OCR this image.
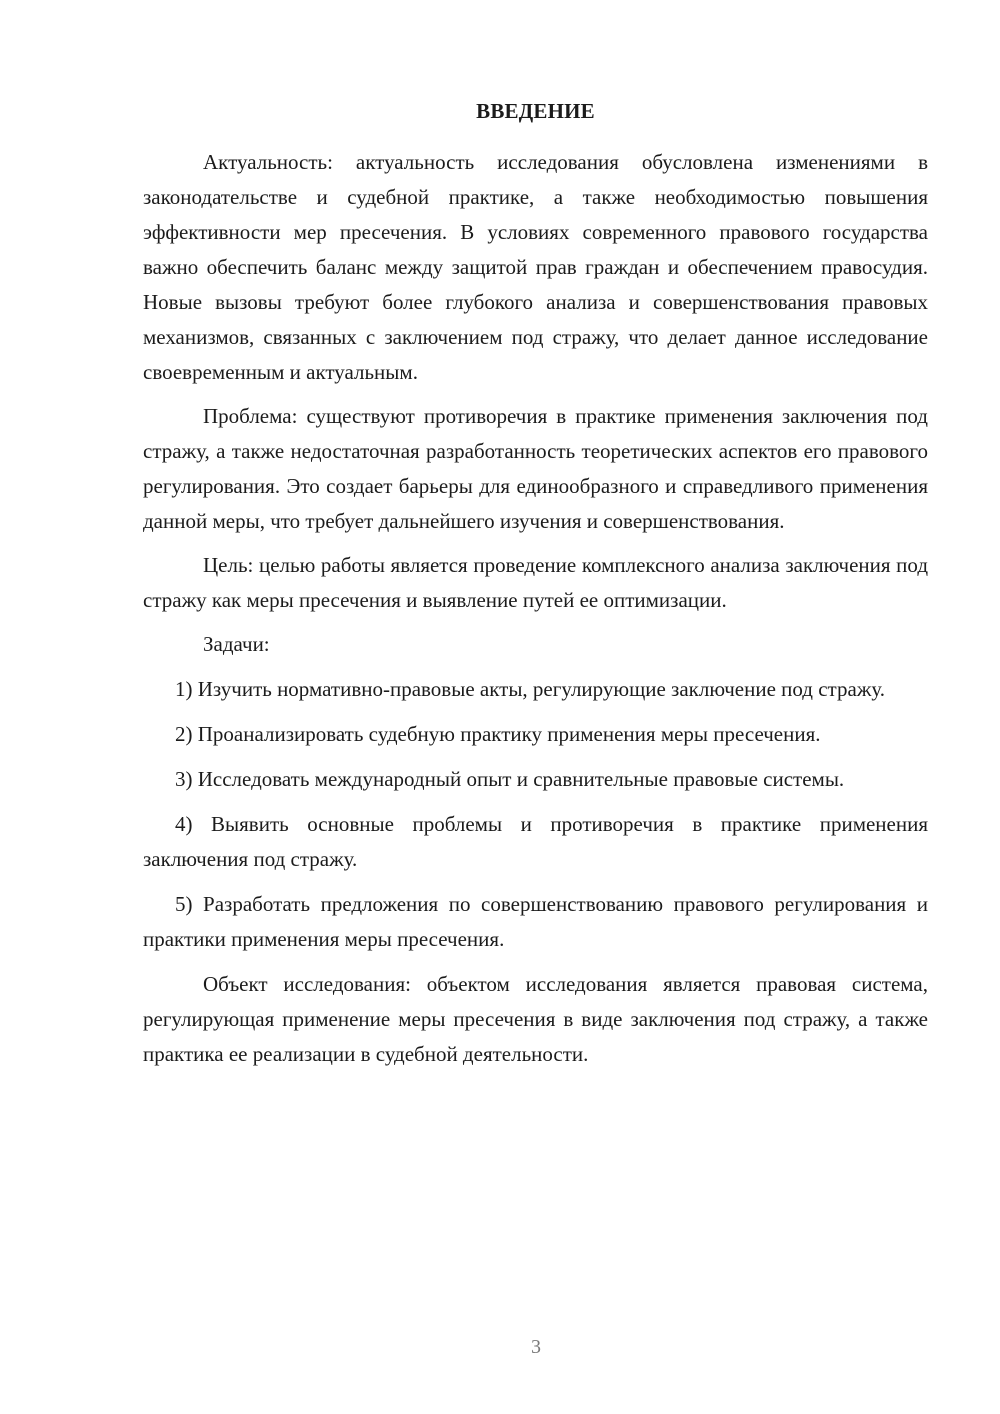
ВВЕДЕНИЕ

Актуальность: актуальность исследования обусловлена изменениями в законодательстве и судебной практике, а также необходимостью повышения эффективности мер пресечения. В условиях современного правового государства важно обеспечить баланс между защитой прав граждан и обеспечением правосудия. Новые вызовы требуют более глубокого анализа и совершенствования правовых механизмов, связанных с заключением под стражу, что делает данное исследование своевременным и актуальным.

Проблема: существуют противоречия в практике применения заключения под стражу, а также недостаточная разработанность теоретических аспектов его правового регулирования. Это создает барьеры для единообразного и справедливого применения данной меры, что требует дальнейшего изучения и совершенствования.

Цель: целью работы является проведение комплексного анализа заключения под стражу как меры пресечения и выявление путей ее оптимизации.

Задачи:

1) Изучить нормативно-правовые акты, регулирующие заключение под стражу.

2) Проанализировать судебную практику применения меры пресечения.

3) Исследовать международный опыт и сравнительные правовые системы.

4) Выявить основные проблемы и противоречия в практике применения заключения под стражу.

5) Разработать предложения по совершенствованию правового регулирования и практики применения меры пресечения.

Объект исследования: объектом исследования является правовая система, регулирующая применение меры пресечения в виде заключения под стражу, а также практика ее реализации в судебной деятельности.

3
